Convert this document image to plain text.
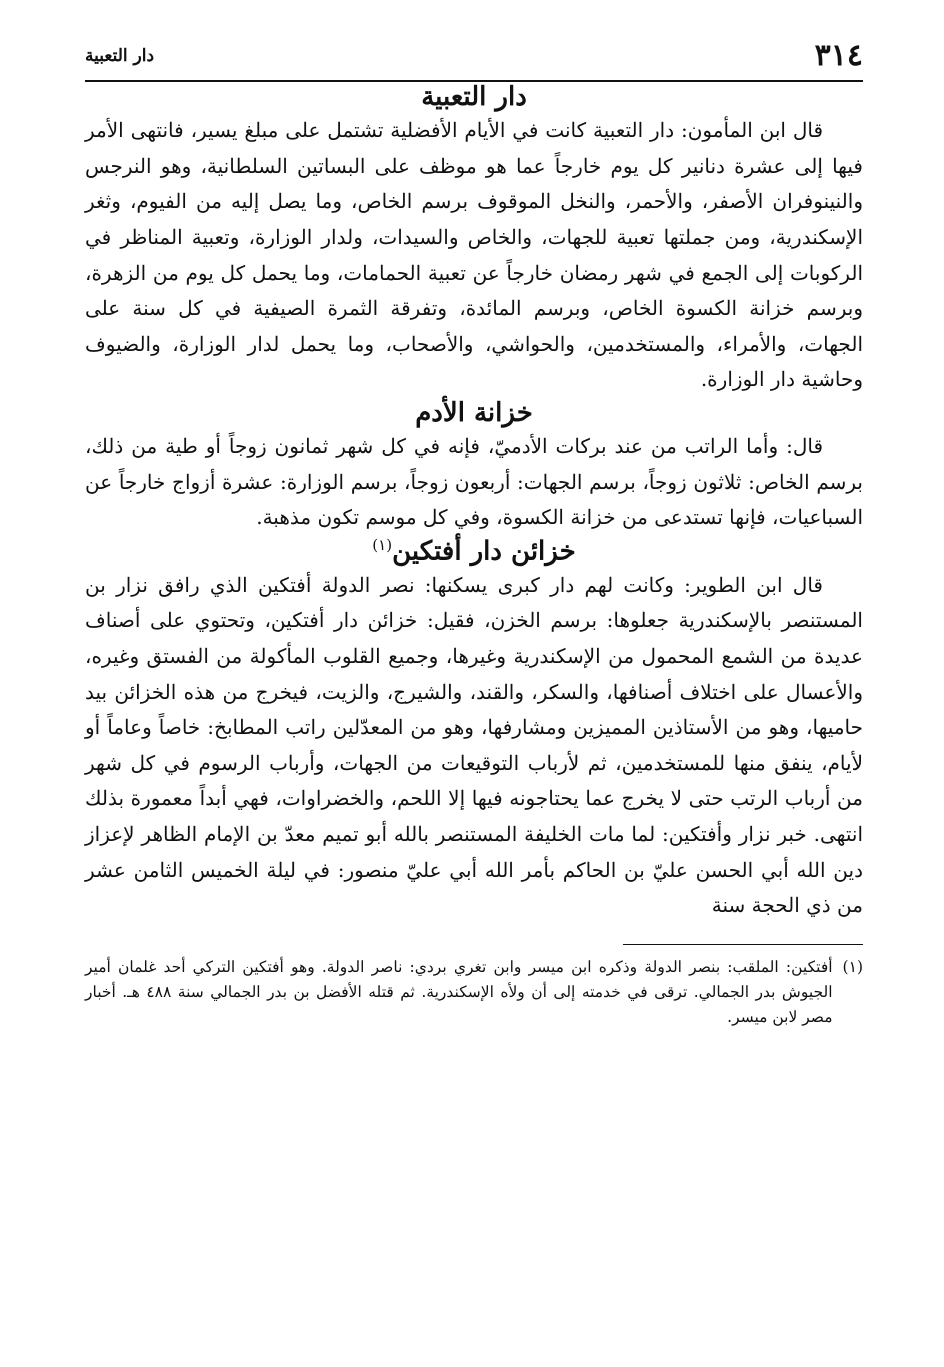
٣١٤
دار التعبية
دار التعبية

قال ابن المأمون: دار التعبية كانت في الأيام الأفضلية تشتمل على مبلغ يسير، فانتهى الأمر فيها إلى عشرة دنانير كل يوم خارجاً عما هو موظف على البساتين السلطانية، وهو النرجس والنينوفران الأصفر، والأحمر، والنخل الموقوف برسم الخاص، وما يصل إليه من الفيوم، وثغر الإسكندرية، ومن جملتها تعبية للجهات، والخاص والسيدات، ولدار الوزارة، وتعبية المناظر في الركوبات إلى الجمع في شهر رمضان خارجاً عن تعبية الحمامات، وما يحمل كل يوم من الزهرة، وبرسم خزانة الكسوة الخاص، وبرسم المائدة، وتفرقة الثمرة الصيفية في كل سنة على الجهات، والأمراء، والمستخدمين، والحواشي، والأصحاب، وما يحمل لدار الوزارة، والضيوف وحاشية دار الوزارة.

خزانة الأدم

قال: وأما الراتب من عند بركات الأدميّ، فإنه في كل شهر ثمانون زوجاً أو طية من ذلك، برسم الخاص: ثلاثون زوجاً، برسم الجهات: أربعون زوجاً، برسم الوزارة: عشرة أزواج خارجاً عن السباعيات، فإنها تستدعى من خزانة الكسوة، وفي كل موسم تكون مذهبة.

خزائن دار أفتكين$^{(١)}$

قال ابن الطوير: وكانت لهم دار كبرى يسكنها: نصر الدولة أفتكين الذي رافق نزار بن المستنصر بالإسكندرية جعلوها: برسم الخزن، فقيل: خزائن دار أفتكين، وتحتوي على أصناف عديدة من الشمع المحمول من الإسكندرية وغيرها، وجميع القلوب المأكولة من الفستق وغيره، والأعسال على اختلاف أصنافها، والسكر، والقند، والشيرج، والزيت، فيخرج من هذه الخزائن بيد حاميها، وهو من الأستاذين المميزين ومشارفها، وهو من المعدّلين راتب المطابخ: خاصاً وعاماً أو لأيام، ينفق منها للمستخدمين، ثم لأرباب التوقيعات من الجهات، وأرباب الرسوم في كل شهر من أرباب الرتب حتى لا يخرج عما يحتاجونه فيها إلا اللحم، والخضراوات، فهي أبداً معمورة بذلك انتهى. خبر نزار وأفتكين: لما مات الخليفة المستنصر بالله أبو تميم معدّ بن الإمام الظاهر لإعزاز دين الله أبي الحسن عليّ بن الحاكم بأمر الله أبي عليّ منصور: في ليلة الخميس الثامن عشر من ذي الحجة سنة

(١)
أفتكين: الملقب: بنصر الدولة وذكره ابن ميسر وابن تغري بردي: ناصر الدولة. وهو أفتكين التركي أحد غلمان أمير الجيوش بدر الجمالي. ترقى في خدمته إلى أن ولأه الإسكندرية. ثم قتله الأفضل بن بدر الجمالي سنة ٤٨٨ هـ. أخبار مصر لابن ميسر.
